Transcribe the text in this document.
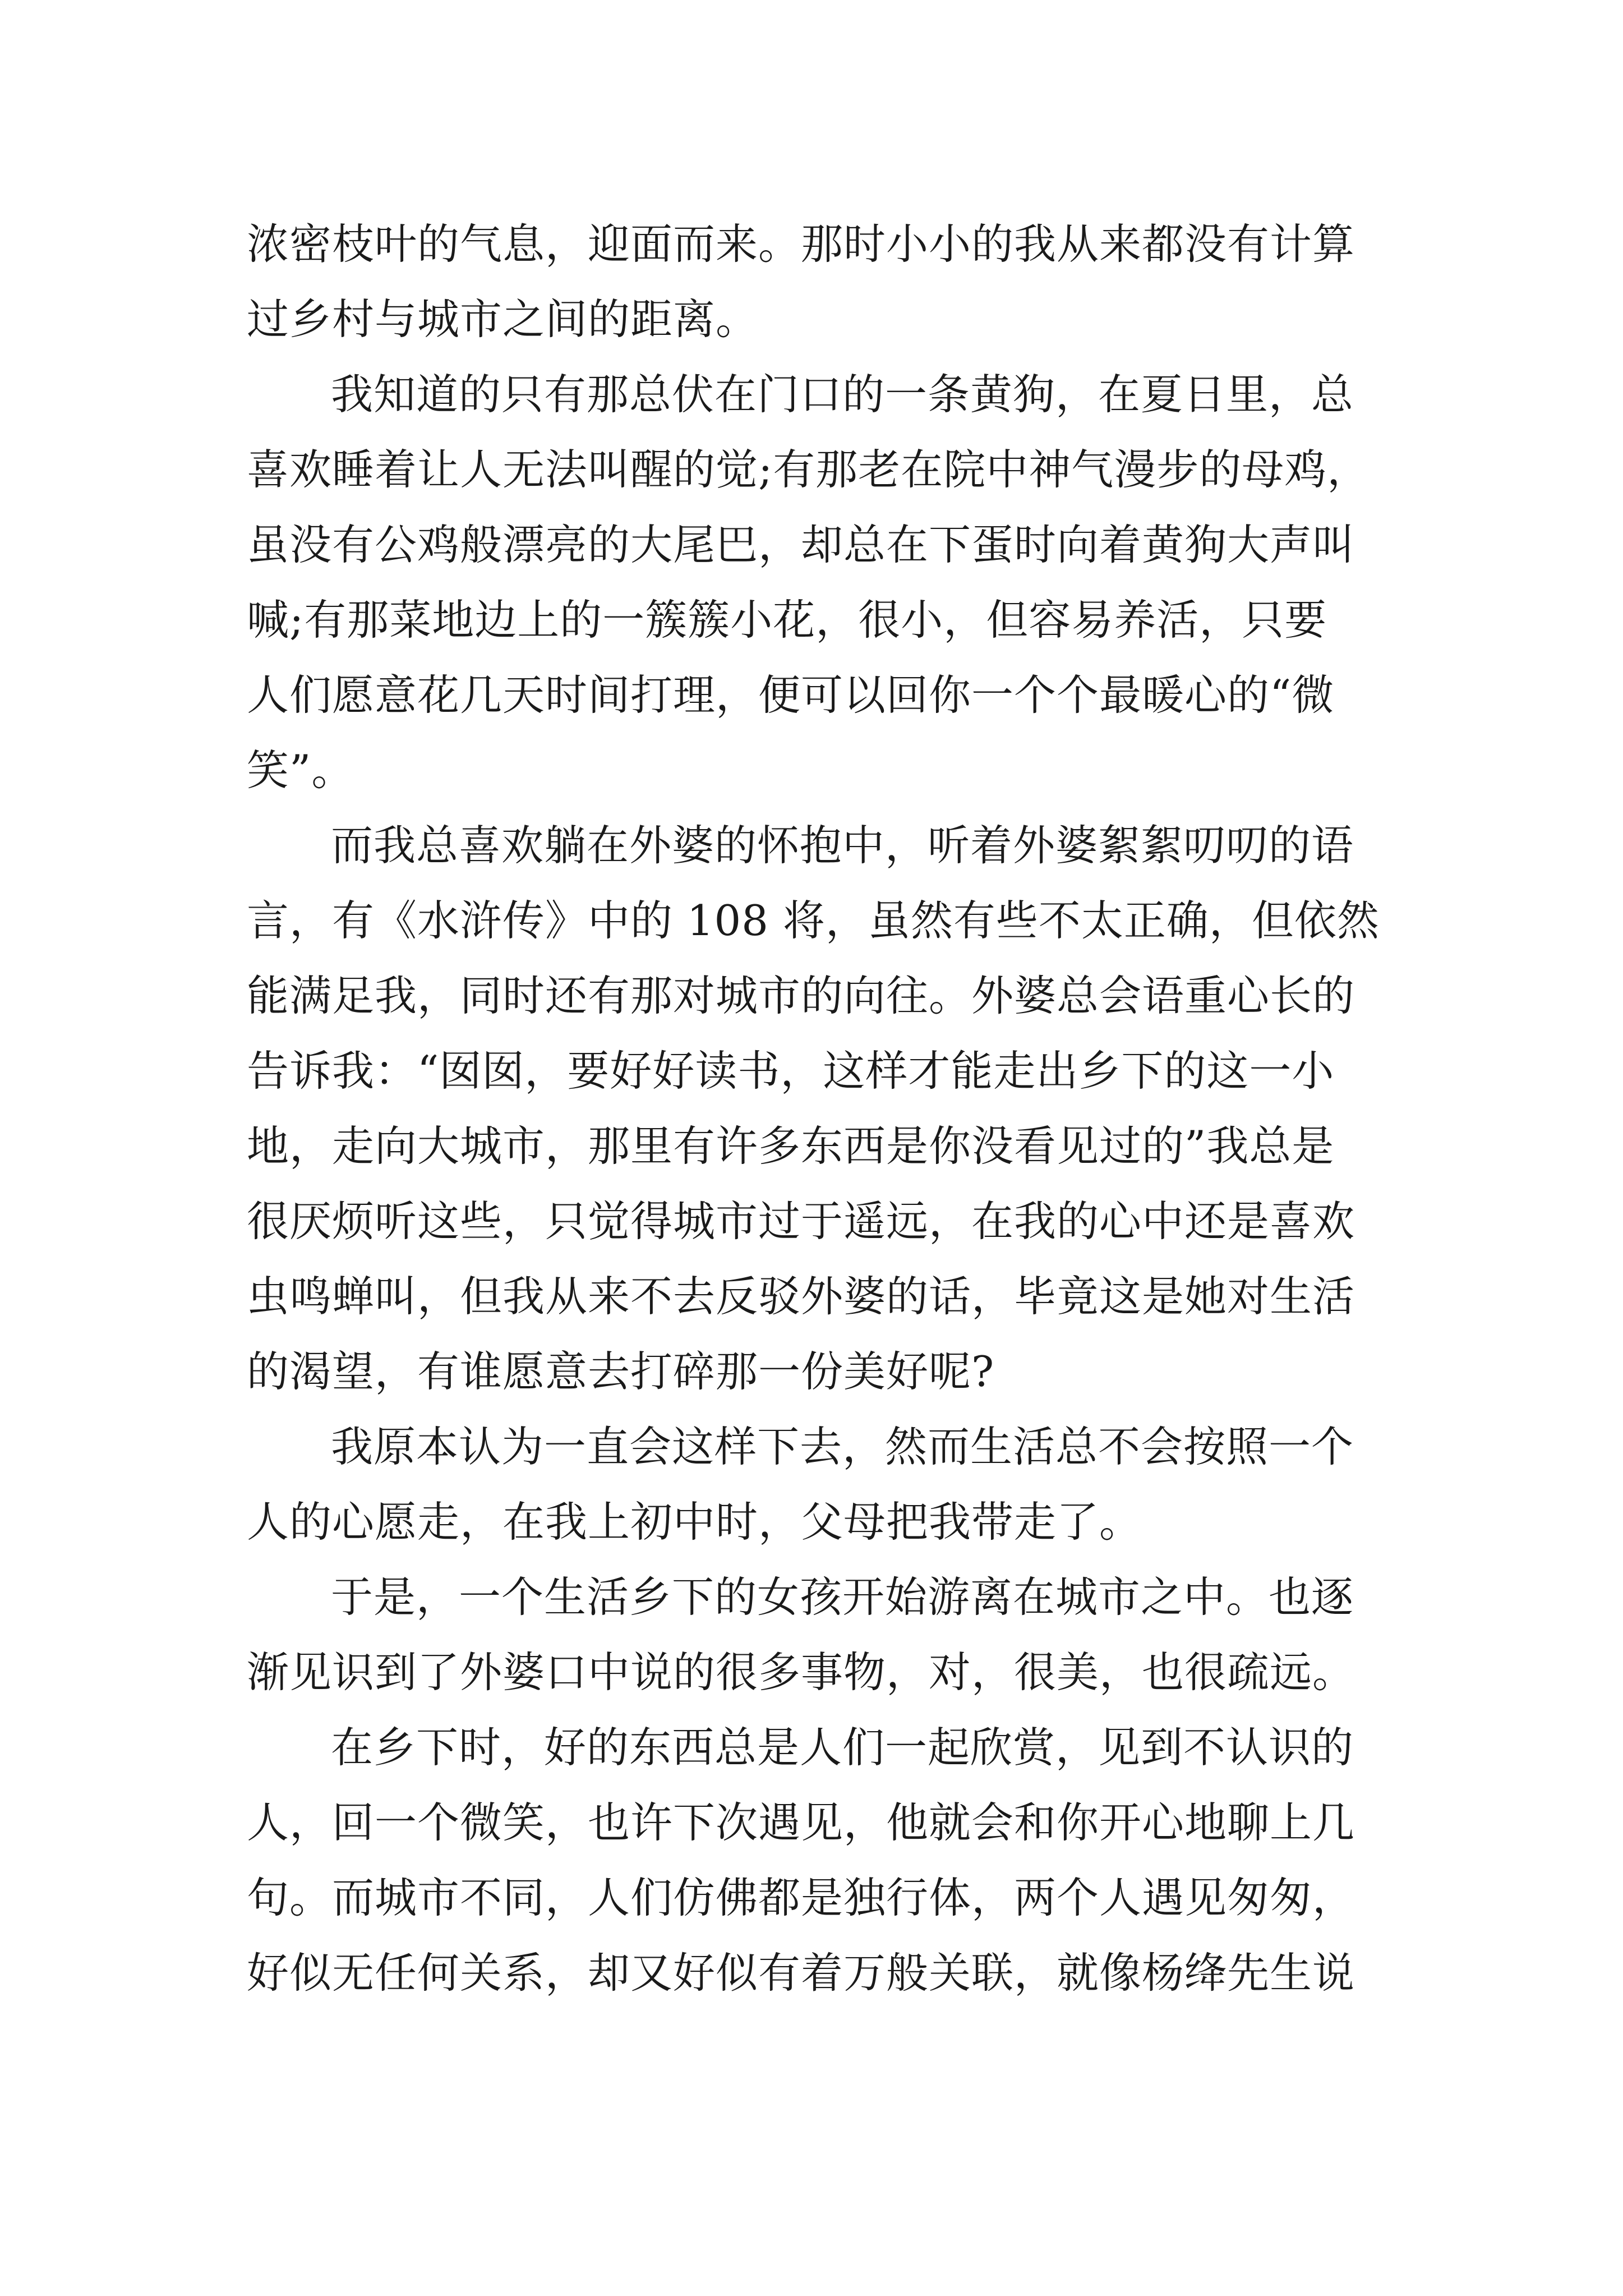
浓密枝叶的气息，迎面而来。那时小小的我从来都没有计算
过乡村与城市之间的距离。

我知道的只有那总伏在门口的一条黄狗，在夏日里，总
喜欢睡着让人无法叫醒的觉;有那老在院中神气漫步的母鸡，
虽没有公鸡般漂亮的大尾巴，却总在下蛋时向着黄狗大声叫
喊;有那菜地边上的一簇簇小花，很小，但容易养活，只要
人们愿意花几天时间打理，便可以回你一个个最暖心的“微
笑”。

而我总喜欢躺在外婆的怀抱中，听着外婆絮絮叨叨的语
言，有《水浒传》中的 108 将，虽然有些不太正确，但依然
能满足我，同时还有那对城市的向往。外婆总会语重心长的
告诉我：“囡囡，要好好读书，这样才能走出乡下的这一小
地，走向大城市，那里有许多东西是你没看见过的”我总是
很厌烦听这些，只觉得城市过于遥远，在我的心中还是喜欢
虫鸣蝉叫，但我从来不去反驳外婆的话，毕竟这是她对生活
的渴望，有谁愿意去打碎那一份美好呢?

我原本认为一直会这样下去，然而生活总不会按照一个
人的心愿走，在我上初中时，父母把我带走了。

于是，一个生活乡下的女孩开始游离在城市之中。也逐
渐见识到了外婆口中说的很多事物，对，很美，也很疏远。

在乡下时，好的东西总是人们一起欣赏，见到不认识的
人，回一个微笑，也许下次遇见，他就会和你开心地聊上几
句。而城市不同，人们仿佛都是独行体，两个人遇见匆匆，
好似无任何关系，却又好似有着万般关联，就像杨绛先生说
